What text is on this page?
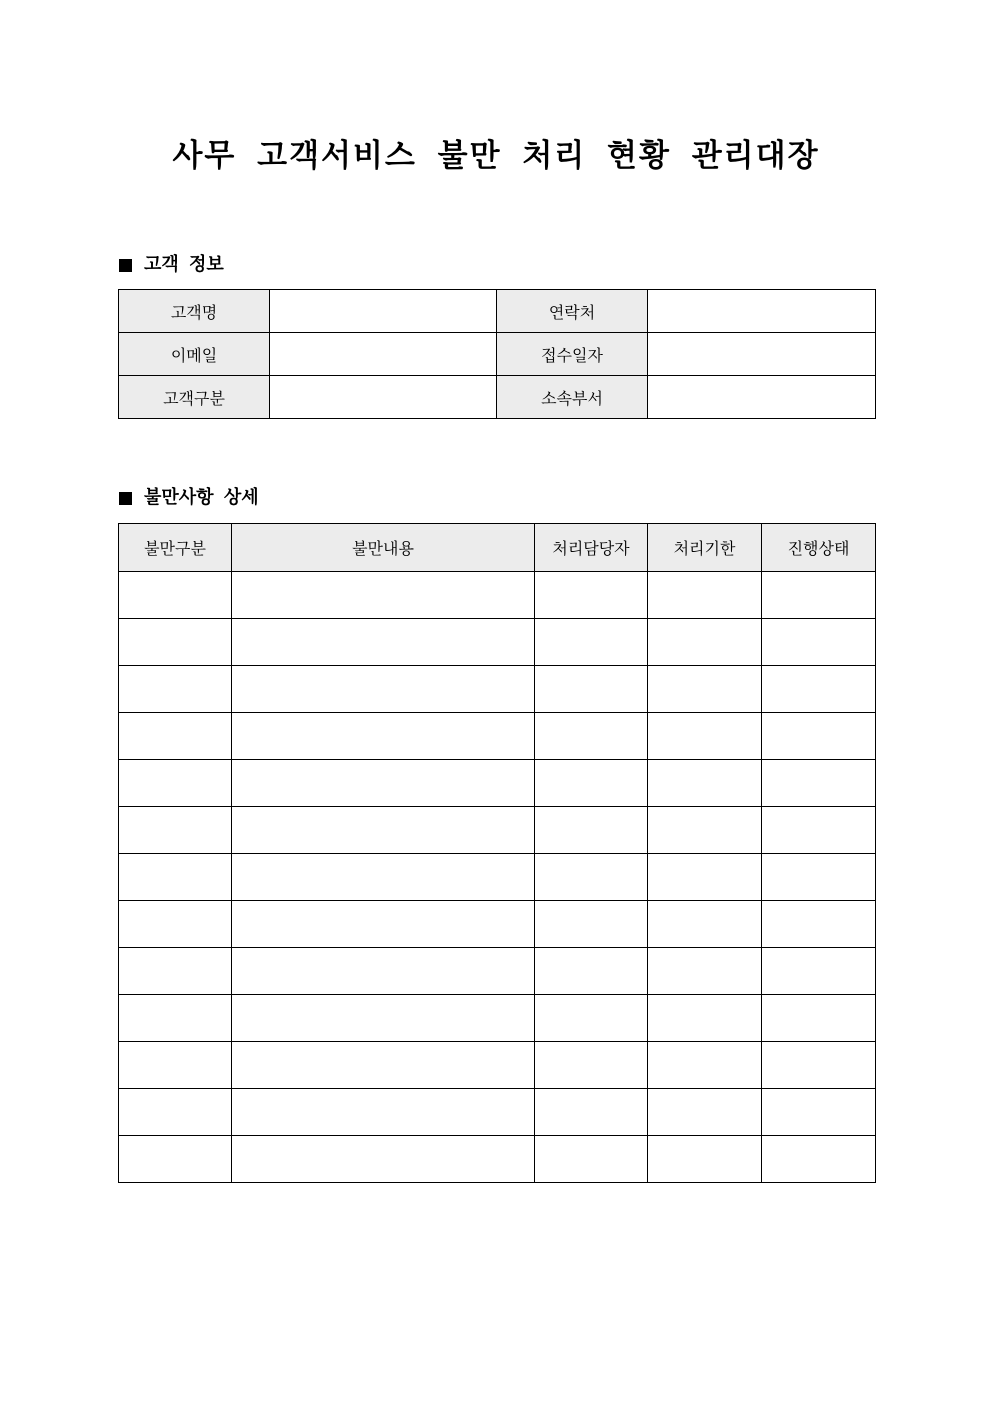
사무 고객서비스 불만 처리 현황 관리대장
고객 정보
고객명		연락처	
이메일		접수일자	
고객구분		소속부서	
불만사항 상세
불만구분	불만내용	처리담당자	처리기한	진행상태
